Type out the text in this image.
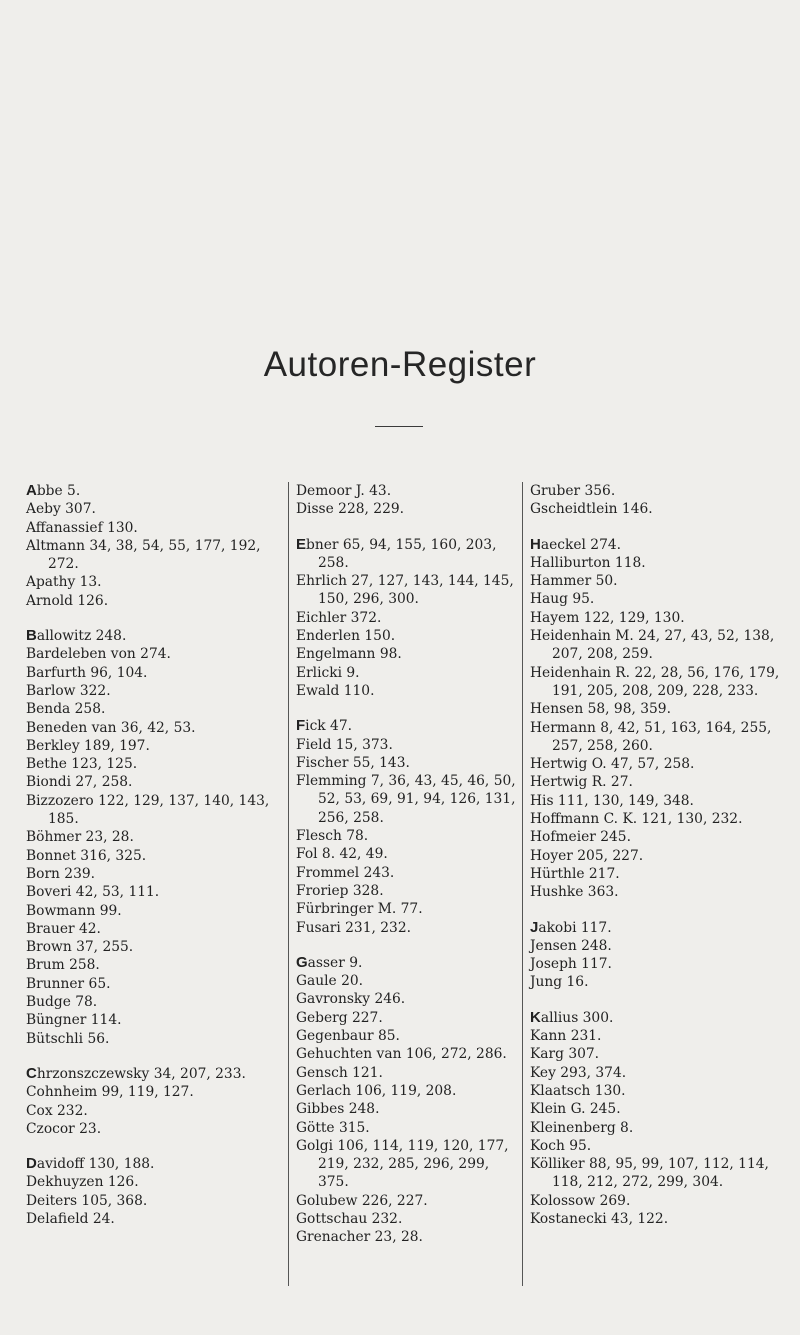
Autoren-Register
Abbe 5.
Aeby 307.
Affanassief 130.
Altmann 34, 38, 54, 55, 177, 192, 272.
Apathy 13.
Arnold 126.
Ballowitz 248.
Bardeleben von 274.
Barfurth 96, 104.
Barlow 322.
Benda 258.
Beneden van 36, 42, 53.
Berkley 189, 197.
Bethe 123, 125.
Biondi 27, 258.
Bizzozero 122, 129, 137, 140, 143, 185.
Böhmer 23, 28.
Bonnet 316, 325.
Born 239.
Boveri 42, 53, 111.
Bowmann 99.
Brauer 42.
Brown 37, 255.
Brum 258.
Brunner 65.
Budge 78.
Büngner 114.
Bütschli 56.
Chrzonszczewsky 34, 207, 233.
Cohnheim 99, 119, 127.
Cox 232.
Czocor 23.
Davidoff 130, 188.
Dekhuyzen 126.
Deiters 105, 368.
Delafield 24.
Demoor J. 43.
Disse 228, 229.
Ebner 65, 94, 155, 160, 203, 258.
Ehrlich 27, 127, 143, 144, 145, 150, 296, 300.
Eichler 372.
Enderlen 150.
Engelmann 98.
Erlicki 9.
Ewald 110.
Fick 47.
Field 15, 373.
Fischer 55, 143.
Flemming 7, 36, 43, 45, 46, 50, 52, 53, 69, 91, 94, 126, 131, 256, 258.
Flesch 78.
Fol 8. 42, 49.
Frommel 243.
Froriep 328.
Fürbringer M. 77.
Fusari 231, 232.
Gasser 9.
Gaule 20.
Gavronsky 246.
Geberg 227.
Gegenbaur 85.
Gehuchten van 106, 272, 286.
Gensch 121.
Gerlach 106, 119, 208.
Gibbes 248.
Götte 315.
Golgi 106, 114, 119, 120, 177, 219, 232, 285, 296, 299, 375.
Golubew 226, 227.
Gottschau 232.
Grenacher 23, 28.
Gruber 356.
Gscheidtlein 146.
Haeckel 274.
Halliburton 118.
Hammer 50.
Haug 95.
Hayem 122, 129, 130.
Heidenhain M. 24, 27, 43, 52, 138, 207, 208, 259.
Heidenhain R. 22, 28, 56, 176, 179, 191, 205, 208, 209, 228, 233.
Hensen 58, 98, 359.
Hermann 8, 42, 51, 163, 164, 255, 257, 258, 260.
Hertwig O. 47, 57, 258.
Hertwig R. 27.
His 111, 130, 149, 348.
Hoffmann C. K. 121, 130, 232.
Hofmeier 245.
Hoyer 205, 227.
Hürthle 217.
Hushke 363.
Jakobi 117.
Jensen 248.
Joseph 117.
Jung 16.
Kallius 300.
Kann 231.
Karg 307.
Key 293, 374.
Klaatsch 130.
Klein G. 245.
Kleinenberg 8.
Koch 95.
Kölliker 88, 95, 99, 107, 112, 114, 118, 212, 272, 299, 304.
Kolossow 269.
Kostanecki 43, 122.
